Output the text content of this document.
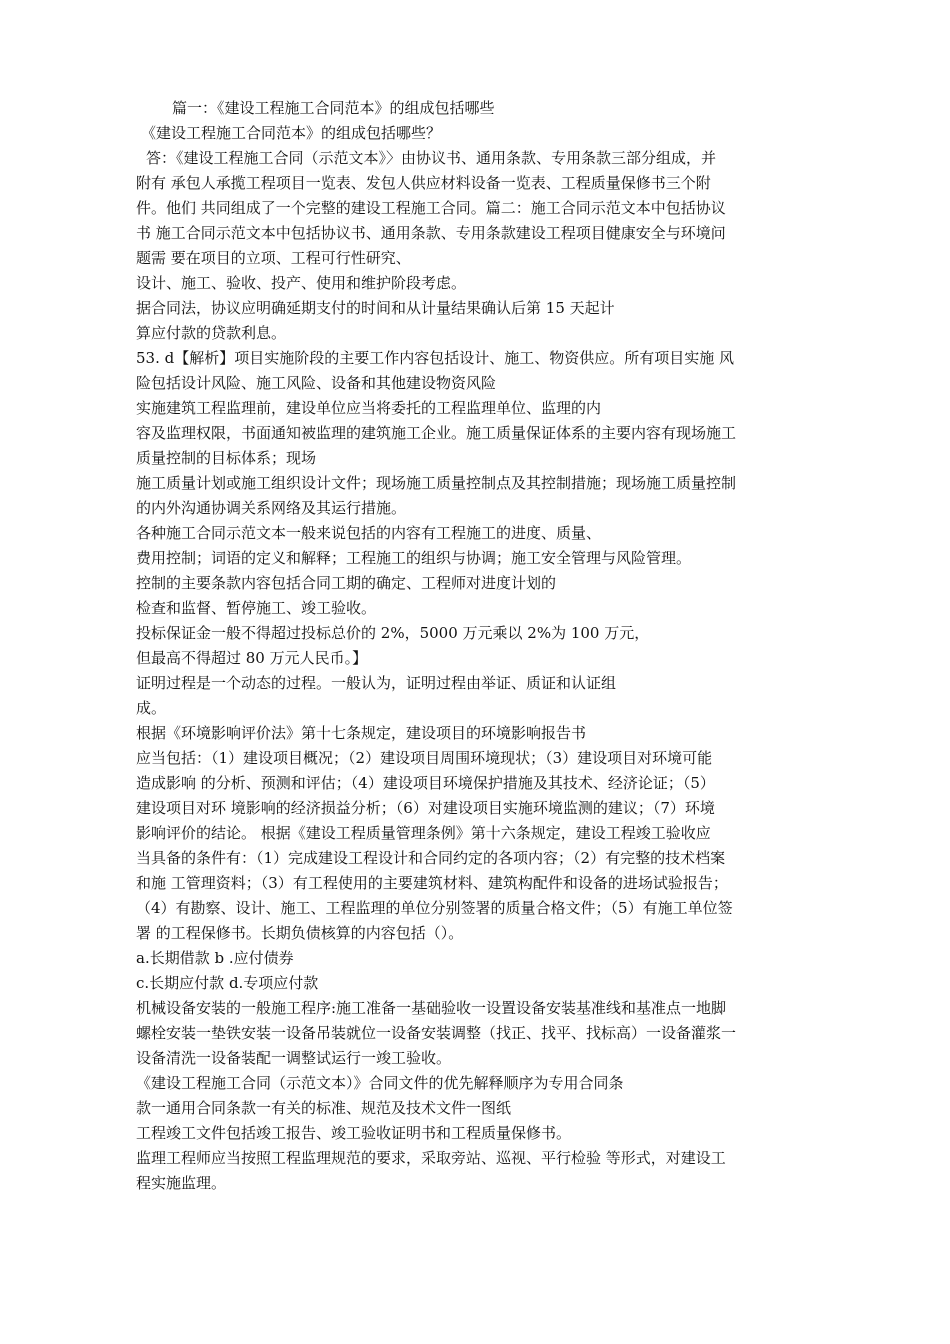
篇一：《建设工程施工合同范本》的组成包括哪些
《建设工程施工合同范本》的组成包括哪些？
答：《建设工程施工合同（示范文本》〉由协议书、通用条款、专用条款三部分组成，并
附有 承包人承揽工程项目一览表、发包人供应材料设备一览表、工程质量保修书三个附
件。他们 共同组成了一个完整的建设工程施工合同。篇二：施工合同示范文本中包括协议
书 施工合同示范文本中包括协议书、通用条款、专用条款建设工程项目健康安全与环境问
题需 要在项目的立项、工程可行性研究、
设计、施工、验收、投产、使用和维护阶段考虑。
据合同法，协议应明确延期支付的时间和从计量结果确认后第 15 天起计
算应付款的贷款利息。
53. d【解析】项目实施阶段的主要工作内容包括设计、施工、物资供应。所有项目实施 风
险包括设计风险、施工风险、设备和其他建设物资风险
实施建筑工程监理前，建设单位应当将委托的工程监理单位、监理的内
容及监理权限，书面通知被监理的建筑施工企业。施工质量保证体系的主要内容有现场施工
质量控制的目标体系；现场
施工质量计划或施工组织设计文件；现场施工质量控制点及其控制措施；现场施工质量控制
的内外沟通协调关系网络及其运行措施。
各种施工合同示范文本一般来说包括的内容有工程施工的进度、质量、
费用控制；词语的定义和解释；工程施工的组织与协调；施工安全管理与风险管理。
控制的主要条款内容包括合同工期的确定、工程师对进度计划的
检查和监督、暂停施工、竣工验收。
投标保证金一般不得超过投标总价的 2%，5000 万元乘以 2%为 100 万元，
但最高不得超过 80 万元人民币。】
证明过程是一个动态的过程。一般认为，证明过程由举证、质证和认证组
成。
根据《环境影响评价法》第十七条规定，建设项目的环境影响报告书
应当包括：（1）建设项目概况；（2）建设项目周围环境现状；（3）建设项目对环境可能
造成影响 的分析、预测和评估；（4）建设项目环境保护措施及其技术、经济论证；（5）
建设项目对环 境影响的经济损益分析；（6）对建设项目实施环境监测的建议；（7）环境
影响评价的结论。 根据《建设工程质量管理条例》第十六条规定，建设工程竣工验收应
当具备的条件有：（1）完成建设工程设计和合同约定的各项内容；（2）有完整的技术档案
和施 工管理资料；（3）有工程使用的主要建筑材料、建筑构配件和设备的进场试验报告；
（4）有勘察、设计、施工、工程监理的单位分别签署的质量合格文件；（5）有施工单位签
署 的工程保修书。长期负债核算的内容包括（）。
a.长期借款 b .应付债券
c.长期应付款 d.专项应付款
机械设备安装的一般施工程序:施工准备一基础验收一设置设备安装基准线和基准点一地脚
螺栓安装一垫铁安装一设备吊装就位一设备安装调整（找正、找平、找标高）一设备灌浆一
设备清洗一设备装配一调整试运行一竣工验收。
《建设工程施工合同（示范文本）》合同文件的优先解释顺序为专用合同条
款一通用合同条款一有关的标准、规范及技术文件一图纸
工程竣工文件包括竣工报告、竣工验收证明书和工程质量保修书。
监理工程师应当按照工程监理规范的要求，采取旁站、巡视、平行检验 等形式，对建设工
程实施监理。
